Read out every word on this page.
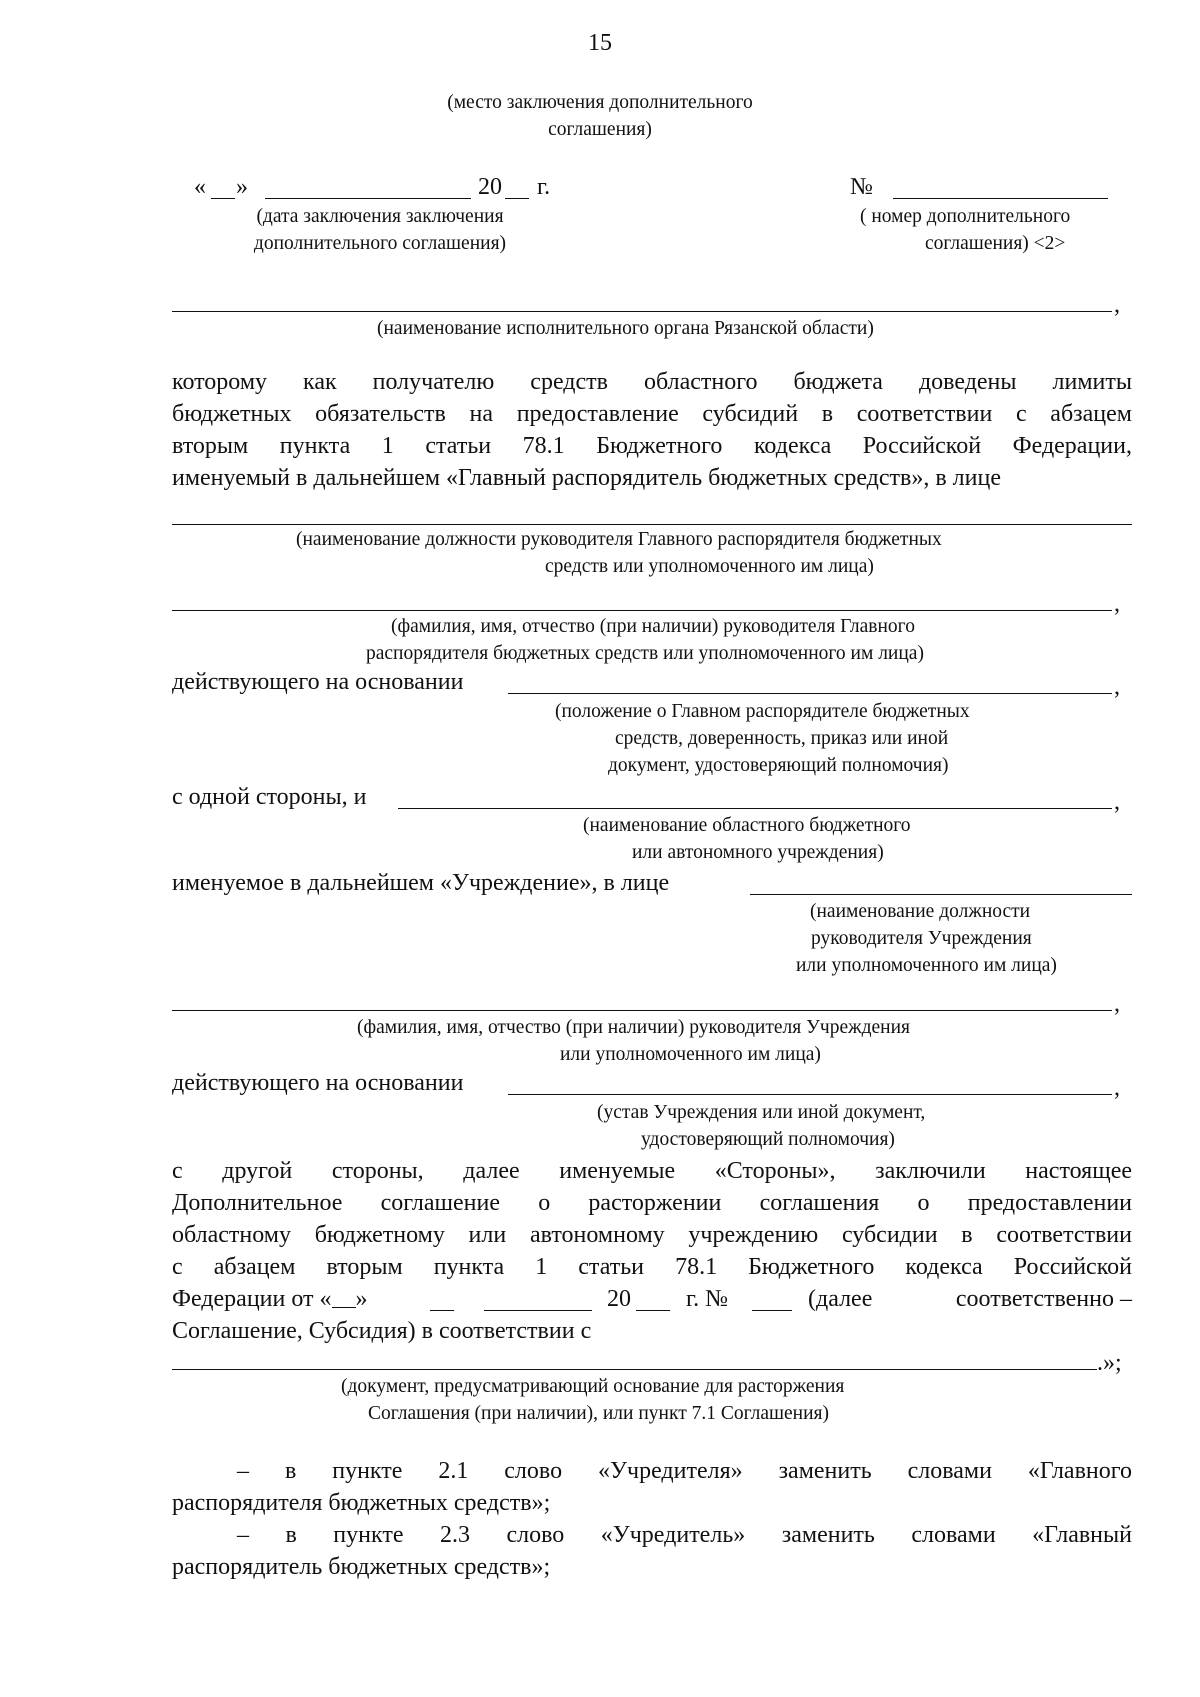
15
(место заключения дополнительного
соглашения)
« »	20 г.	№
(дата заключения заключения
дополнительного соглашения)
( номер дополнительного
соглашения) <2>
,
(наименование исполнительного органа Рязанской области)
которому как получателю средств областного бюджета доведены лимиты
бюджетных обязательств на предоставление субсидий в соответствии с абзацем
вторым пункта 1 статьи 78.1 Бюджетного кодекса Российской Федерации,
именуемый в дальнейшем «Главный распорядитель бюджетных средств», в лице
(наименование должности руководителя Главного распорядителя бюджетных
средств или уполномоченного им лица)
,
(фамилия, имя, отчество (при наличии) руководителя Главного
распорядителя бюджетных средств или уполномоченного им лица)
действующего на основании	,
(положение о Главном распорядителе бюджетных
средств, доверенность, приказ или иной
документ, удостоверяющий полномочия)
с одной стороны, и	,
(наименование областного бюджетного
или автономного учреждения)
именуемое в дальнейшем «Учреждение», в лице
(наименование должности
руководителя Учреждения
или уполномоченного им лица)
,
(фамилия, имя, отчество (при наличии) руководителя Учреждения
или уполномоченного им лица)
действующего на основании	,
(устав Учреждения или иной документ,
удостоверяющий полномочия)
с другой стороны, далее именуемые «Стороны», заключили настоящее
Дополнительное соглашение о расторжении соглашения о предоставлении
областному бюджетному или автономному учреждению субсидии в соответствии
с абзацем вторым пункта 1 статьи 78.1 Бюджетного кодекса Российской
Федерации от « »	20 г. №	(далее	соответственно –
Соглашение, Субсидия) в соответствии с
.»;
(документ, предусматривающий основание для расторжения
Соглашения (при наличии), или пункт 7.1 Соглашения)
– в пункте 2.1 слово «Учредителя» заменить словами «Главного
распорядителя бюджетных средств»;
– в пункте 2.3 слово «Учредитель» заменить словами «Главный
распорядитель бюджетных средств»;
